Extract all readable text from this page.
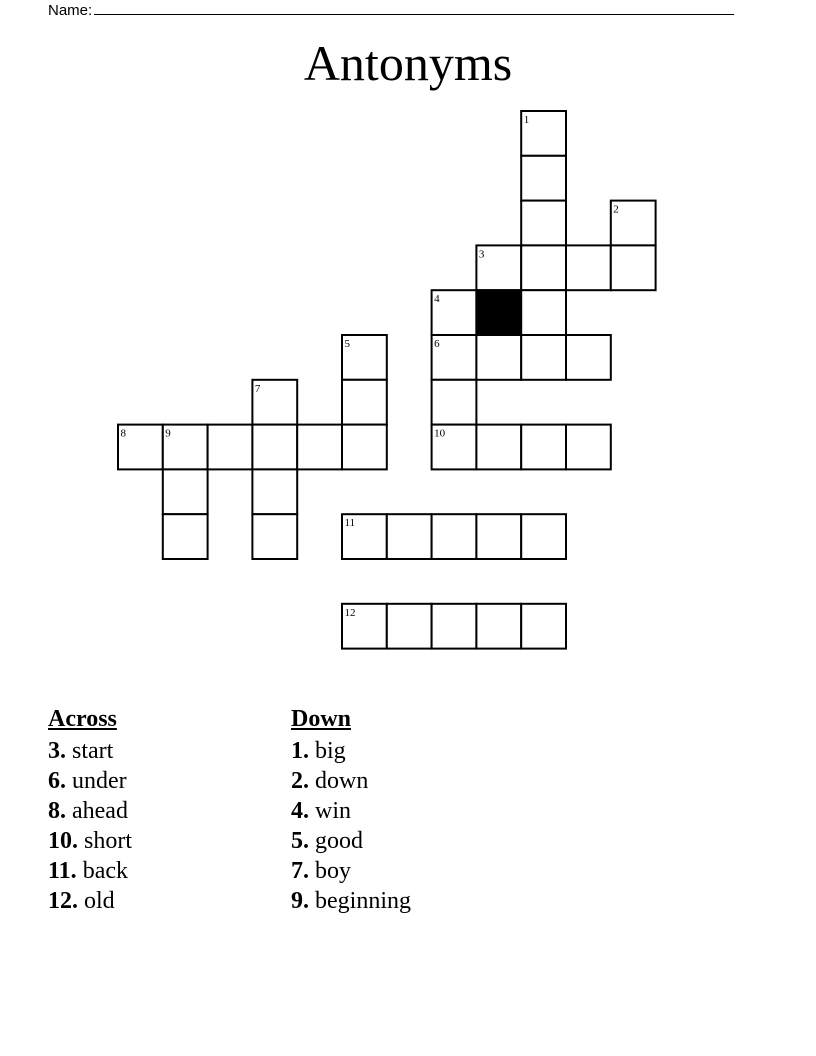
Name:
Antonyms
1
2
3
4
5	6
7
8	9	10
11
12
Across
3. start
6. under
8. ahead
10. short
11. back
12. old
Down
1. big
2. down
4. win
5. good
7. boy
9. beginning
